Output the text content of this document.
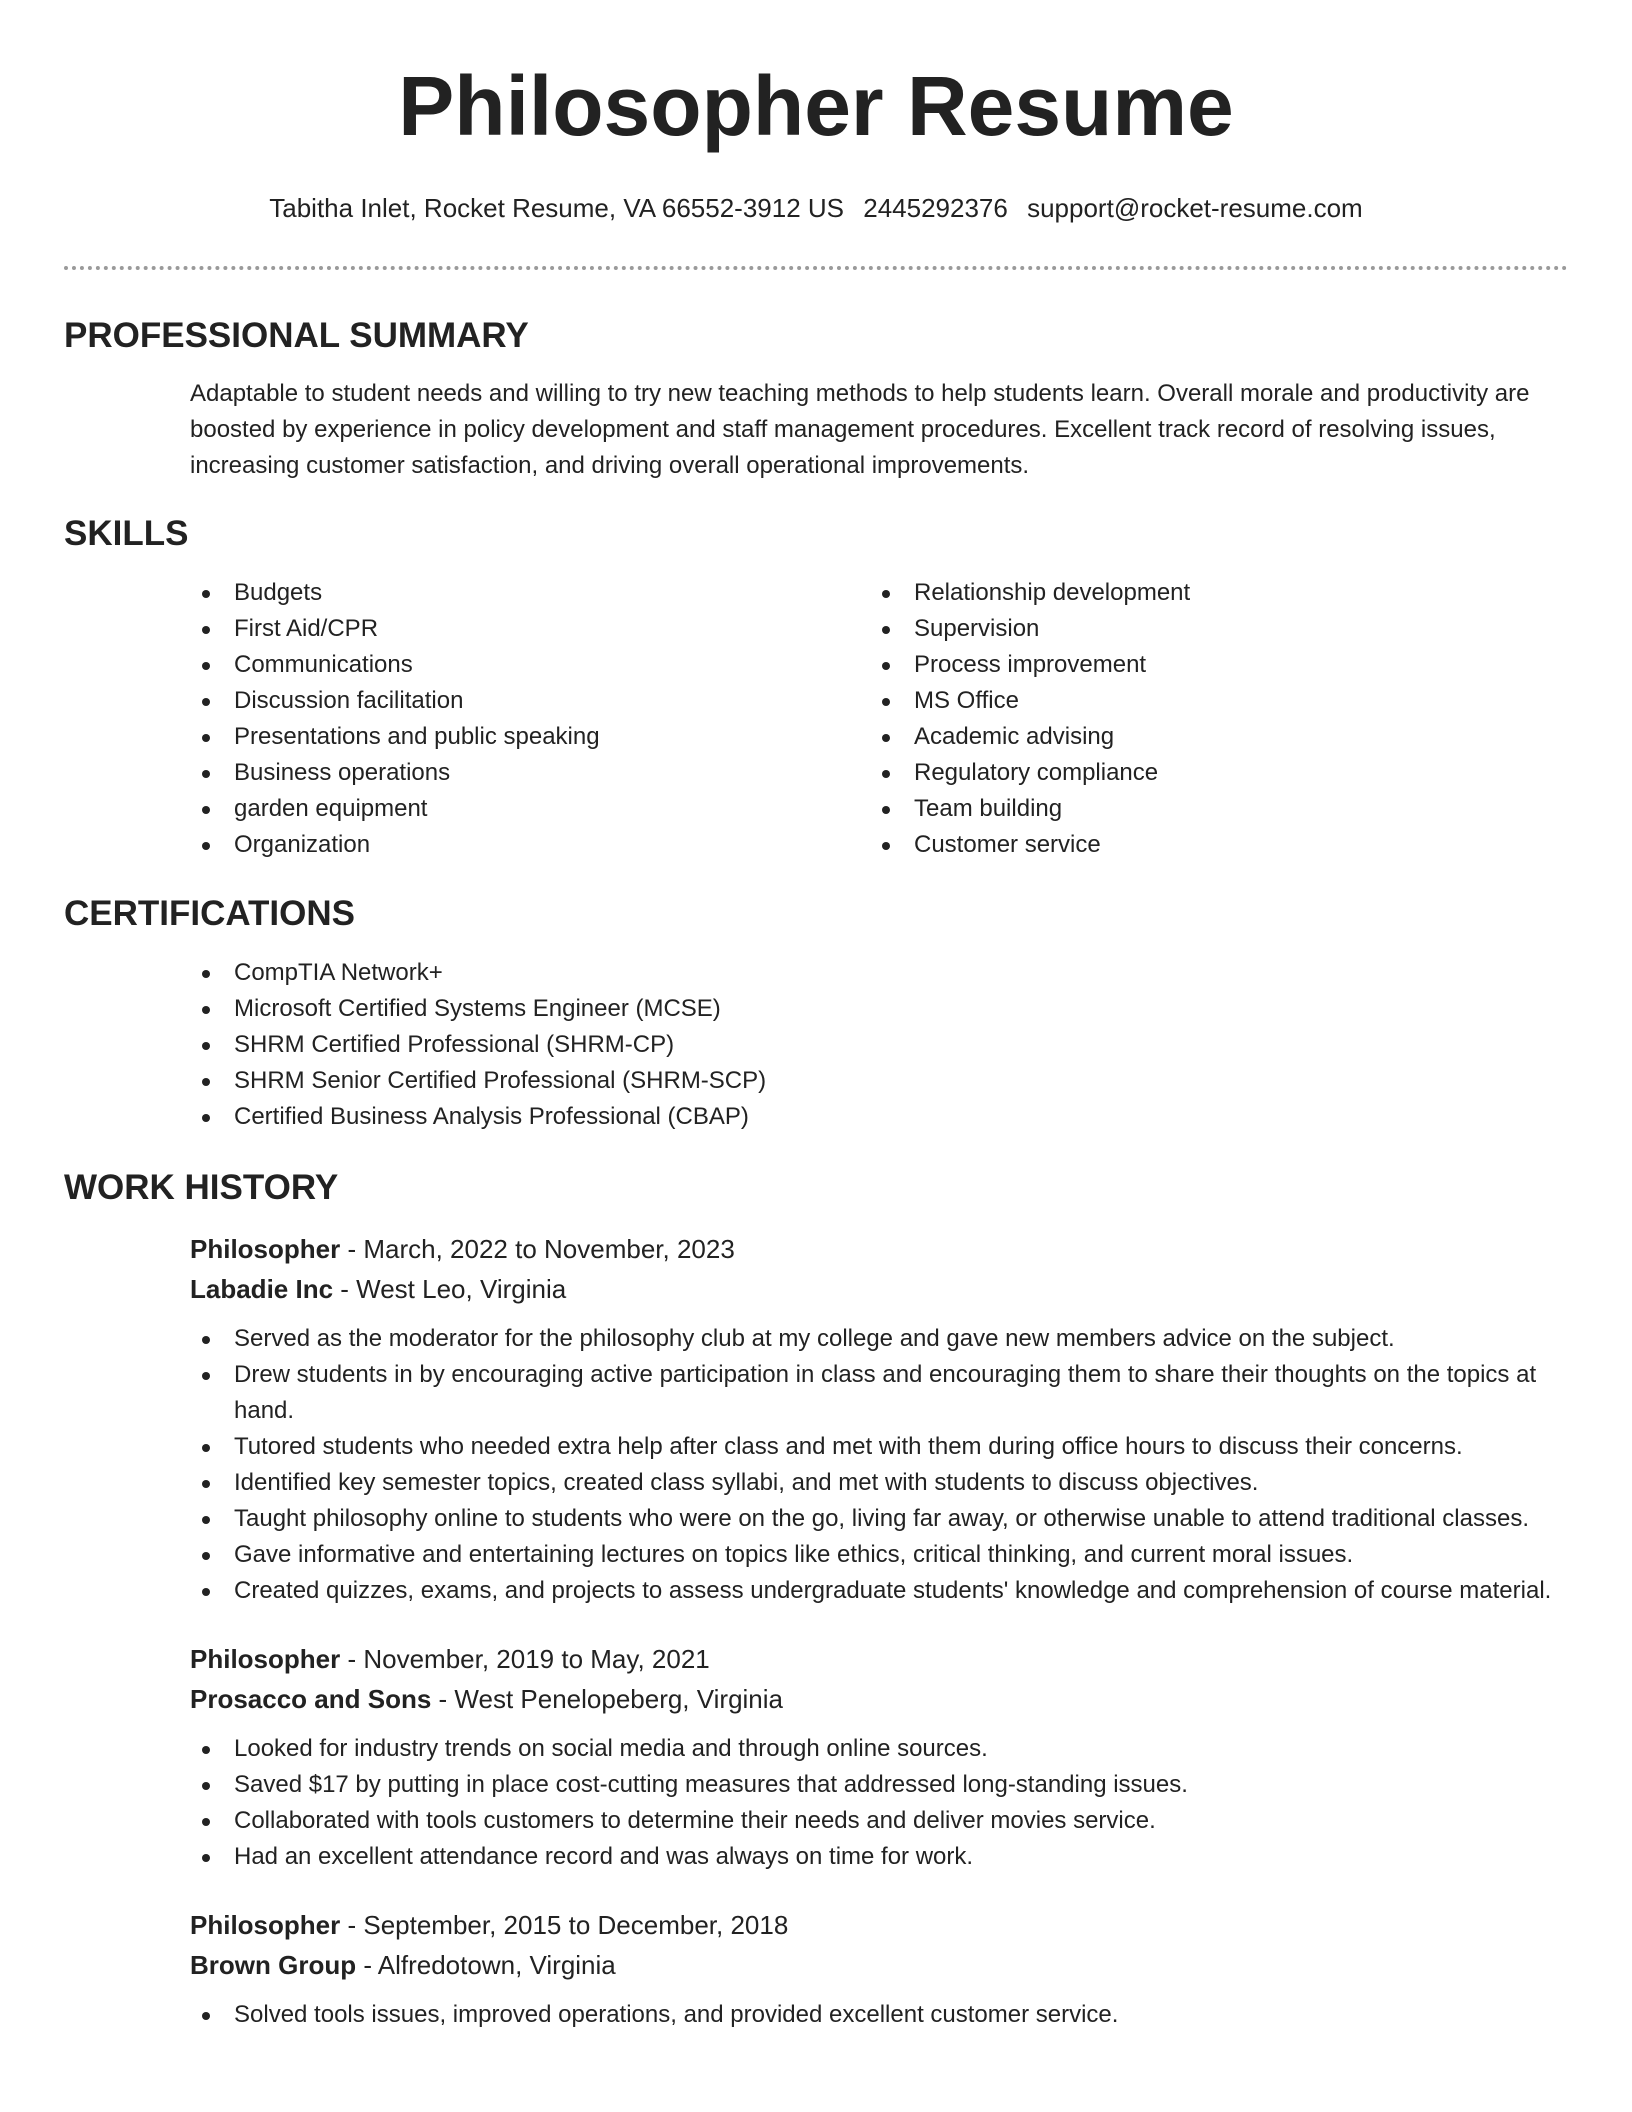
Philosopher Resume
Tabitha Inlet, Rocket Resume, VA 66552-3912 US 2445292376 support@rocket-resume.com
PROFESSIONAL SUMMARY

Adaptable to student needs and willing to try new teaching methods to help students learn. Overall morale and productivity are boosted by experience in policy development and staff management procedures. Excellent track record of resolving issues, increasing customer satisfaction, and driving overall operational improvements.

SKILLS
Budgets
First Aid/CPR
Communications
Discussion facilitation
Presentations and public speaking
Business operations
garden equipment
Organization
Relationship development
Supervision
Process improvement
MS Office
Academic advising
Regulatory compliance
Team building
Customer service
CERTIFICATIONS
CompTIA Network+
Microsoft Certified Systems Engineer (MCSE)
SHRM Certified Professional (SHRM-CP)
SHRM Senior Certified Professional (SHRM-SCP)
Certified Business Analysis Professional (CBAP)
WORK HISTORY
Philosopher - March, 2022 to November, 2023
Labadie Inc - West Leo, Virginia
Served as the moderator for the philosophy club at my college and gave new members advice on the subject.
Drew students in by encouraging active participation in class and encouraging them to share their thoughts on the topics at hand.
Tutored students who needed extra help after class and met with them during office hours to discuss their concerns.
Identified key semester topics, created class syllabi, and met with students to discuss objectives.
Taught philosophy online to students who were on the go, living far away, or otherwise unable to attend traditional classes.
Gave informative and entertaining lectures on topics like ethics, critical thinking, and current moral issues.
Created quizzes, exams, and projects to assess undergraduate students' knowledge and comprehension of course material.
Philosopher - November, 2019 to May, 2021
Prosacco and Sons - West Penelopeberg, Virginia
Looked for industry trends on social media and through online sources.
Saved $17 by putting in place cost-cutting measures that addressed long-standing issues.
Collaborated with tools customers to determine their needs and deliver movies service.
Had an excellent attendance record and was always on time for work.
Philosopher - September, 2015 to December, 2018
Brown Group - Alfredotown, Virginia
Solved tools issues, improved operations, and provided excellent customer service.
